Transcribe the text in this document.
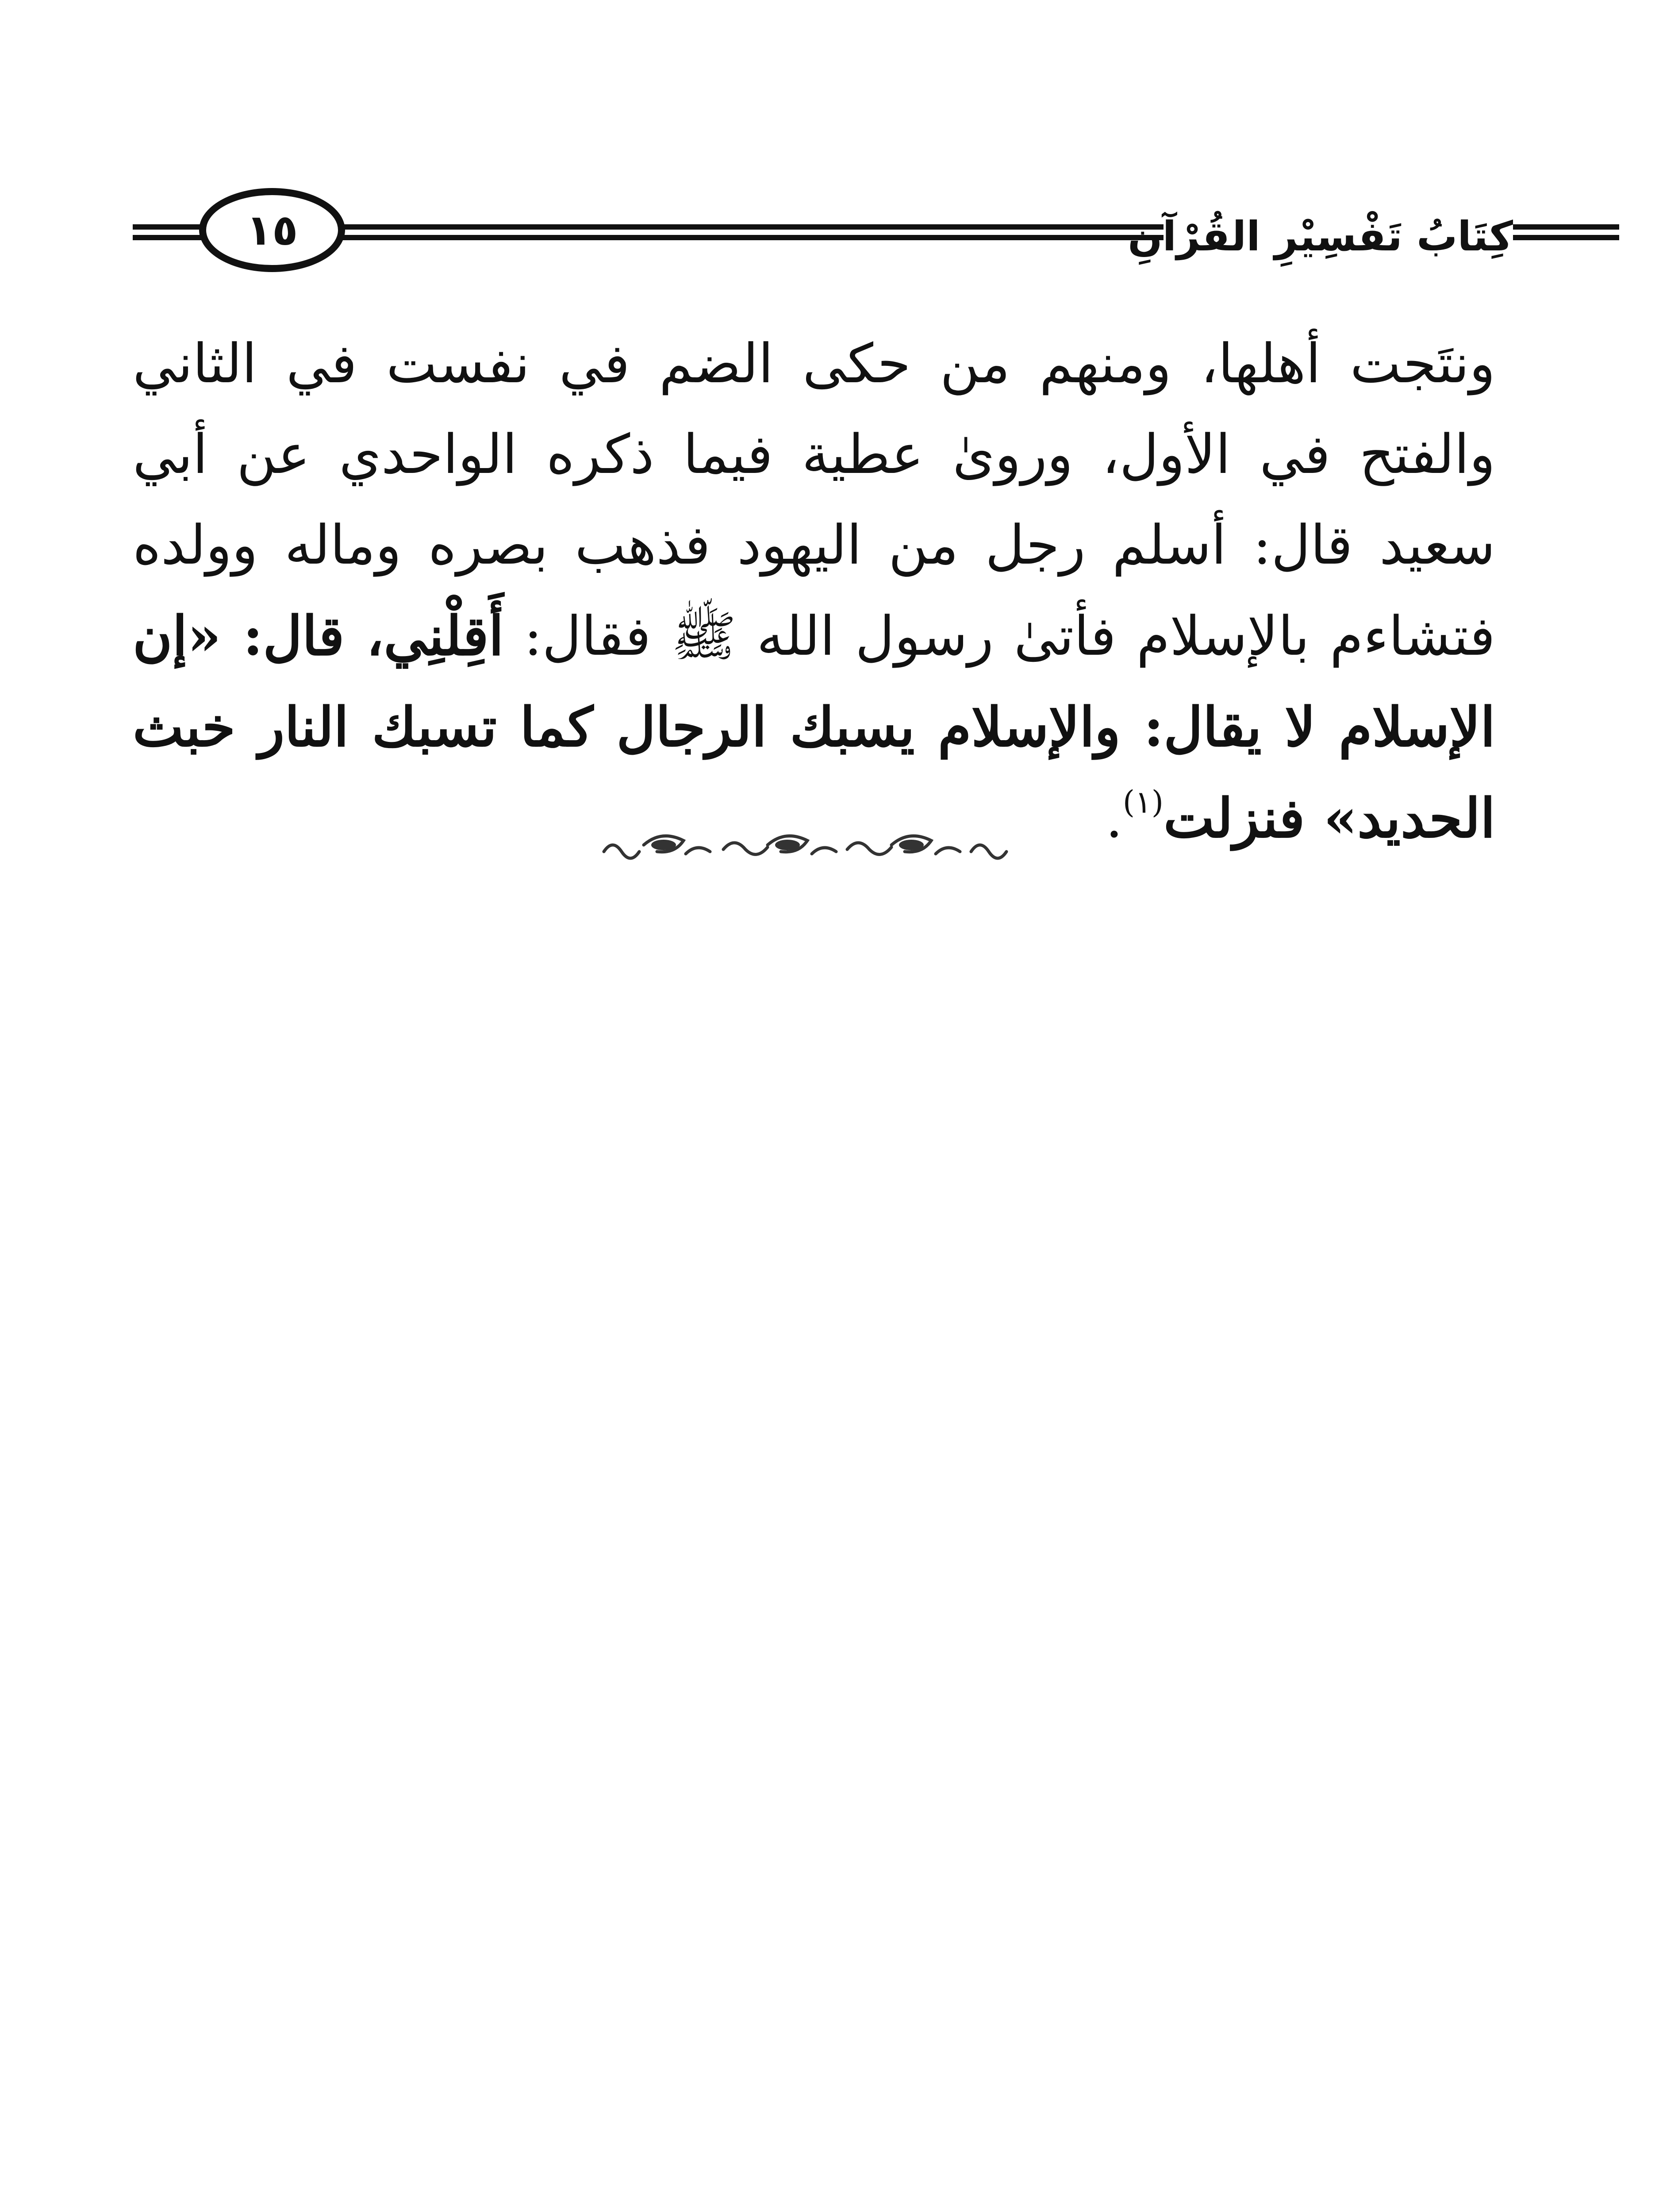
كِتَابُ تَفْسِيْرِ القُرْآنِ
١٥
ونتَجت أهلها، ومنهم من حكى الضم في نفست في الثاني والفتح في الأول، وروىٰ عطية فيما ذكره الواحدي عن أبي سعيد قال: أسلم رجل من اليهود فذهب بصره وماله وولده فتشاءم بالإسلام فأتىٰ رسول الله ﷺ فقال: أَقِلْنِي، قال: «إن الإسلام لا يقال: والإسلام يسبك الرجال كما تسبك النار خبث الحديد» فنزلت$^{(١)}$.
